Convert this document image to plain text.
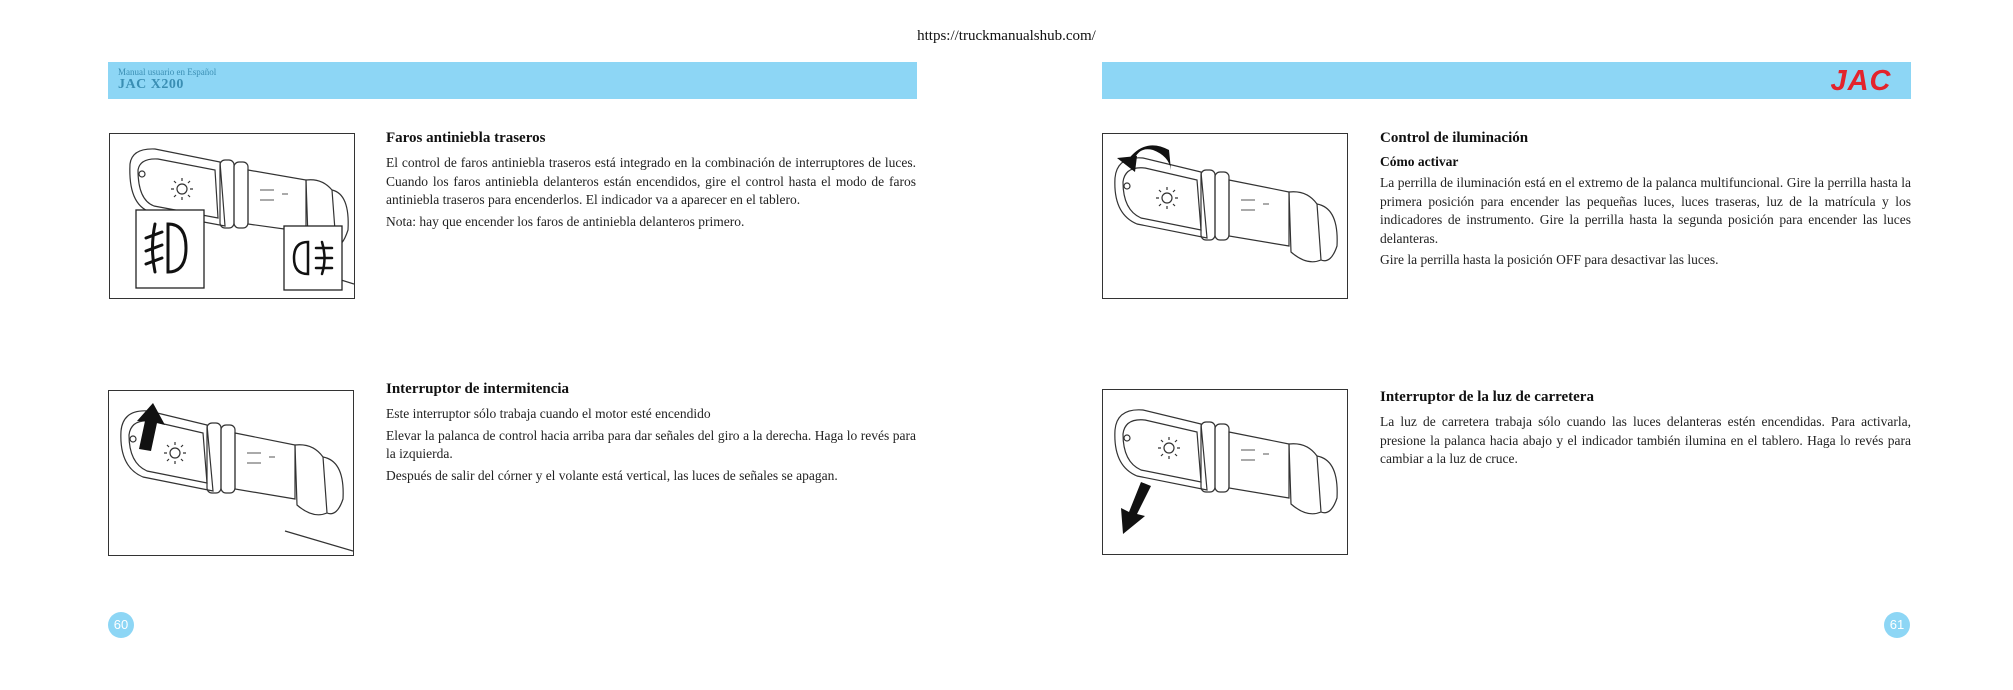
https://truckmanualshub.com/
Manual usuario en Español
JAC X200	JAC
Faros antiniebla traseros

El control de faros antiniebla traseros está integrado en la combinación de interruptores de luces. Cuando los faros antiniebla delanteros están encendidos, gire el control hasta el modo de faros antiniebla traseros para encenderlos. El indicador va a aparecer en el tablero.

Nota: hay que encender los faros de antiniebla delanteros primero.

Interruptor de intermitencia

Este interruptor sólo trabaja cuando el motor esté encendido

Elevar la palanca de control hacia arriba para dar señales del giro a la derecha. Haga lo revés para la izquierda.

Después de salir del córner y el volante está vertical, las luces de señales se apagan.

60
Control de iluminación
Cómo activar

La perrilla de iluminación está en el extremo de la palanca multifuncional. Gire la perrilla hasta la primera posición para encender las pequeñas luces, luces traseras, luz de la matrícula y los indicadores de instrumento. Gire la perrilla hasta la segunda posición para encender las luces delanteras.

Gire la perrilla hasta la posición OFF para desactivar las luces.

Interruptor de la luz de carretera

La luz de carretera trabaja sólo cuando las luces delanteras estén encendidas. Para activarla, presione la palanca hacia abajo y el indicador también ilumina en el tablero. Haga lo revés para cambiar a la luz de cruce.

61
